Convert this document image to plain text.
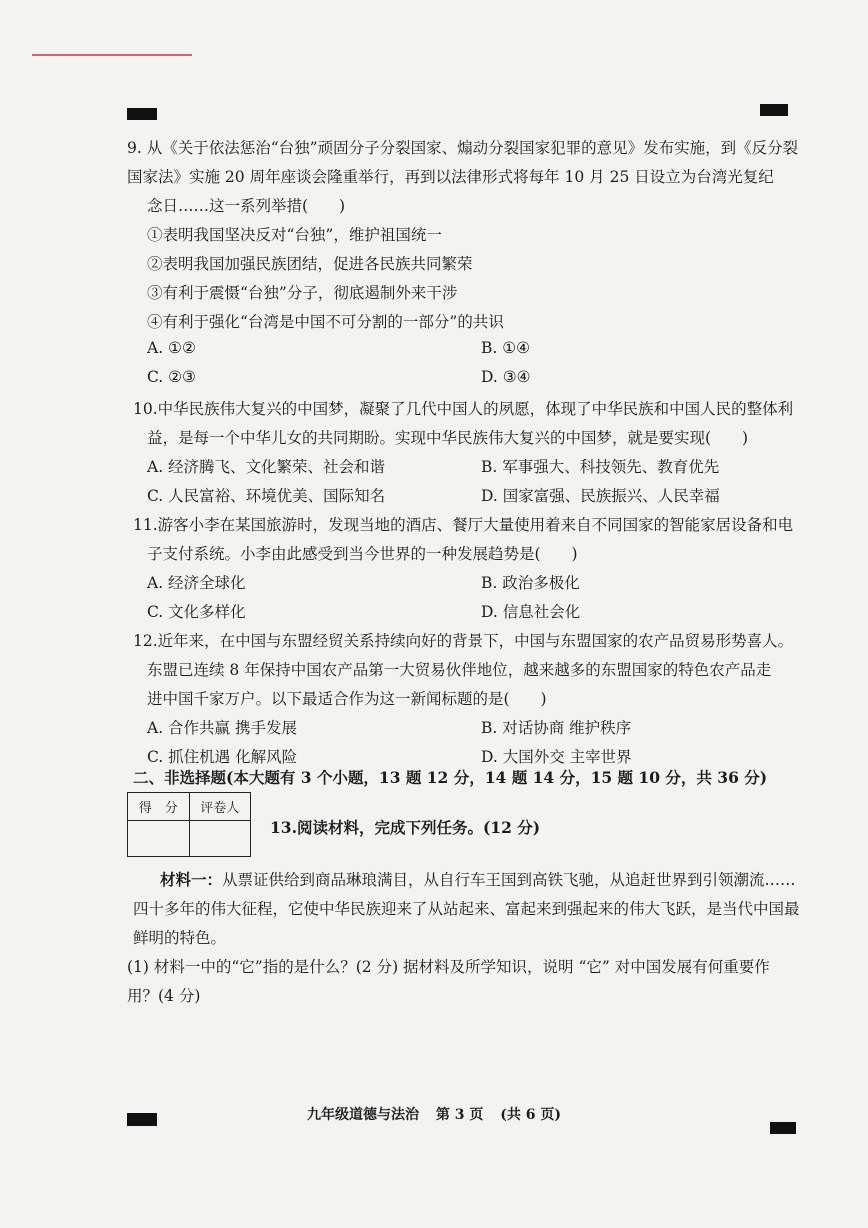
9. 从《关于依法惩治“台独”顽固分子分裂国家、煽动分裂国家犯罪的意见》发布实施，到《反分裂
国家法》实施 20 周年座谈会隆重举行，再到以法律形式将每年 10 月 25 日设立为台湾光复纪
念日……这一系列举措(　　)
①表明我国坚决反对“台独”，维护祖国统一
②表明我国加强民族团结，促进各民族共同繁荣
③有利于震慑“台独”分子，彻底遏制外来干涉
④有利于强化“台湾是中国不可分割的一部分”的共识
A. ①②	B. ①④
C. ②③	D. ③④
10.中华民族伟大复兴的中国梦，凝聚了几代中国人的夙愿，体现了中华民族和中国人民的整体利
益，是每一个中华儿女的共同期盼。实现中华民族伟大复兴的中国梦，就是要实现(　　)
A. 经济腾飞、文化繁荣、社会和谐	B. 军事强大、科技领先、教育优先
C. 人民富裕、环境优美、国际知名	D. 国家富强、民族振兴、人民幸福
11.游客小李在某国旅游时，发现当地的酒店、餐厅大量使用着来自不同国家的智能家居设备和电
子支付系统。小李由此感受到当今世界的一种发展趋势是(　　)
A. 经济全球化	B. 政治多极化
C. 文化多样化	D. 信息社会化
12.近年来，在中国与东盟经贸关系持续向好的背景下，中国与东盟国家的农产品贸易形势喜人。
东盟已连续 8 年保持中国农产品第一大贸易伙伴地位，越来越多的东盟国家的特色农产品走
进中国千家万户。以下最适合作为这一新闻标题的是(　　)
A. 合作共赢 携手发展	B. 对话协商 维护秩序
C. 抓住机遇 化解风险	D. 大国外交 主宰世界
二、非选择题(本大题有 3 个小题，13 题 12 分，14 题 14 分，15 题 10 分，共 36 分)
得　分	评卷人

13.阅读材料，完成下列任务。(12 分)
材料一：从票证供给到商品琳琅满目，从自行车王国到高铁飞驰，从追赶世界到引领潮流……
四十多年的伟大征程，它使中华民族迎来了从站起来、富起来到强起来的伟大飞跃，是当代中国最
鲜明的特色。
(1) 材料一中的“它”指的是什么？(2 分) 据材料及所学知识，说明 “它” 对中国发展有何重要作
用？(4 分)
九年级道德与法治 第 3 页 (共 6 页)
